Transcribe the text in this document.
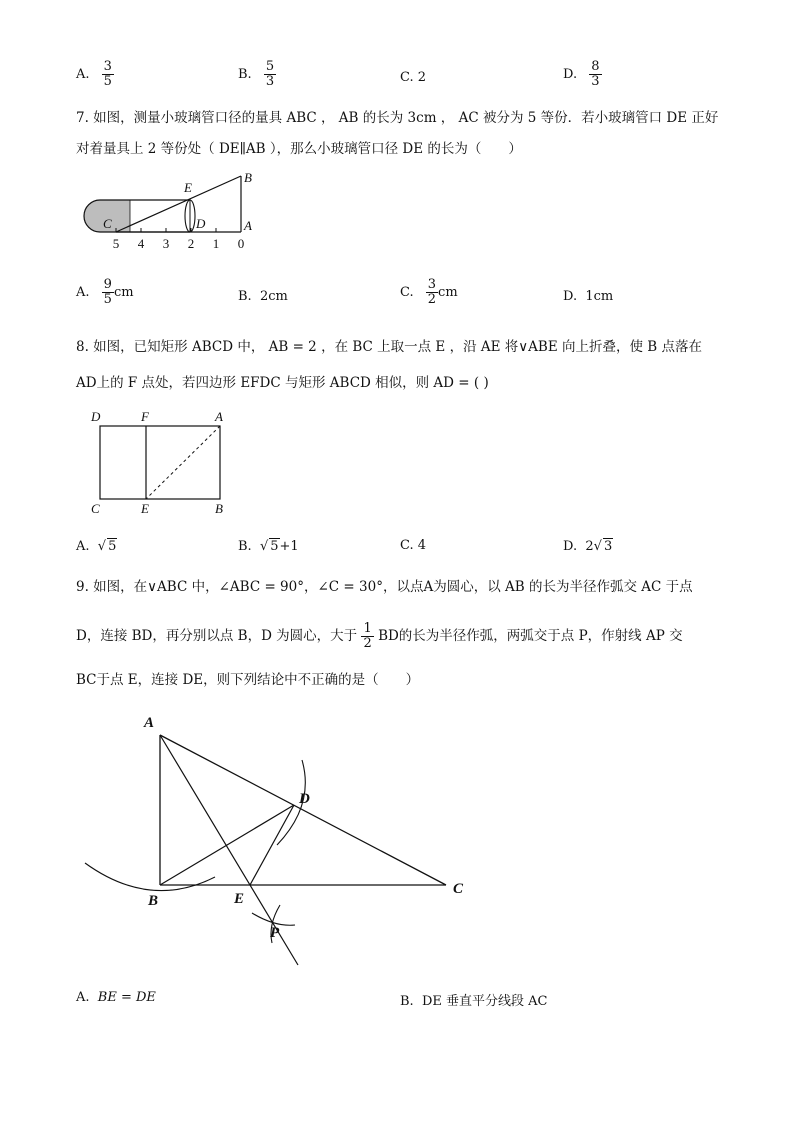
A. $\frac{3}{5}$	B. $\frac{5}{3}$	C. 2	D. $\frac{8}{3}$
7. 如图，测量小玻璃管口径的量具 ABC ， AB 的长为 3cm ， AC 被分为 5 等份．若小玻璃管口 DE 正好
对着量具上 2 等份处（ DE∥AB ），那么小玻璃管口径 DE 的长为（　　）
E
B
C	D	A
5 4 3 2 1 0
A. $\frac{9}{5}$ cm	B. 2cm	C. $\frac{3}{2}$ cm	D. 1cm
8. 如图，已知矩形 ABCD 中， AB = 2 ，在 BC 上取一点 E ，沿 AE 将∨ABE 向上折叠，使 B 点落在
AD上的 F 点处，若四边形 EFDC 与矩形 ABCD 相似，则 AD = ( )
D	F	A
C	E	B
A.  √ 5	B.  √ 5+1	C. 4	D. 2√ 3
9. 如图，在∨ABC 中，∠ABC = 90°，∠C = 30°，以点A为圆心，以 AB 的长为半径作弧交 AC 于点
D，连接 BD，再分别以点 B，D 为圆心，大于 $\frac{1}{2}$ BD的长为半径作弧，两弧交于点 P，作射线 AP 交
BC于点 E，连接 DE，则下列结论中不正确的是（　　）
A
D
B	E
C
P
A. BE = DE	B. DE 垂直平分线段 AC
